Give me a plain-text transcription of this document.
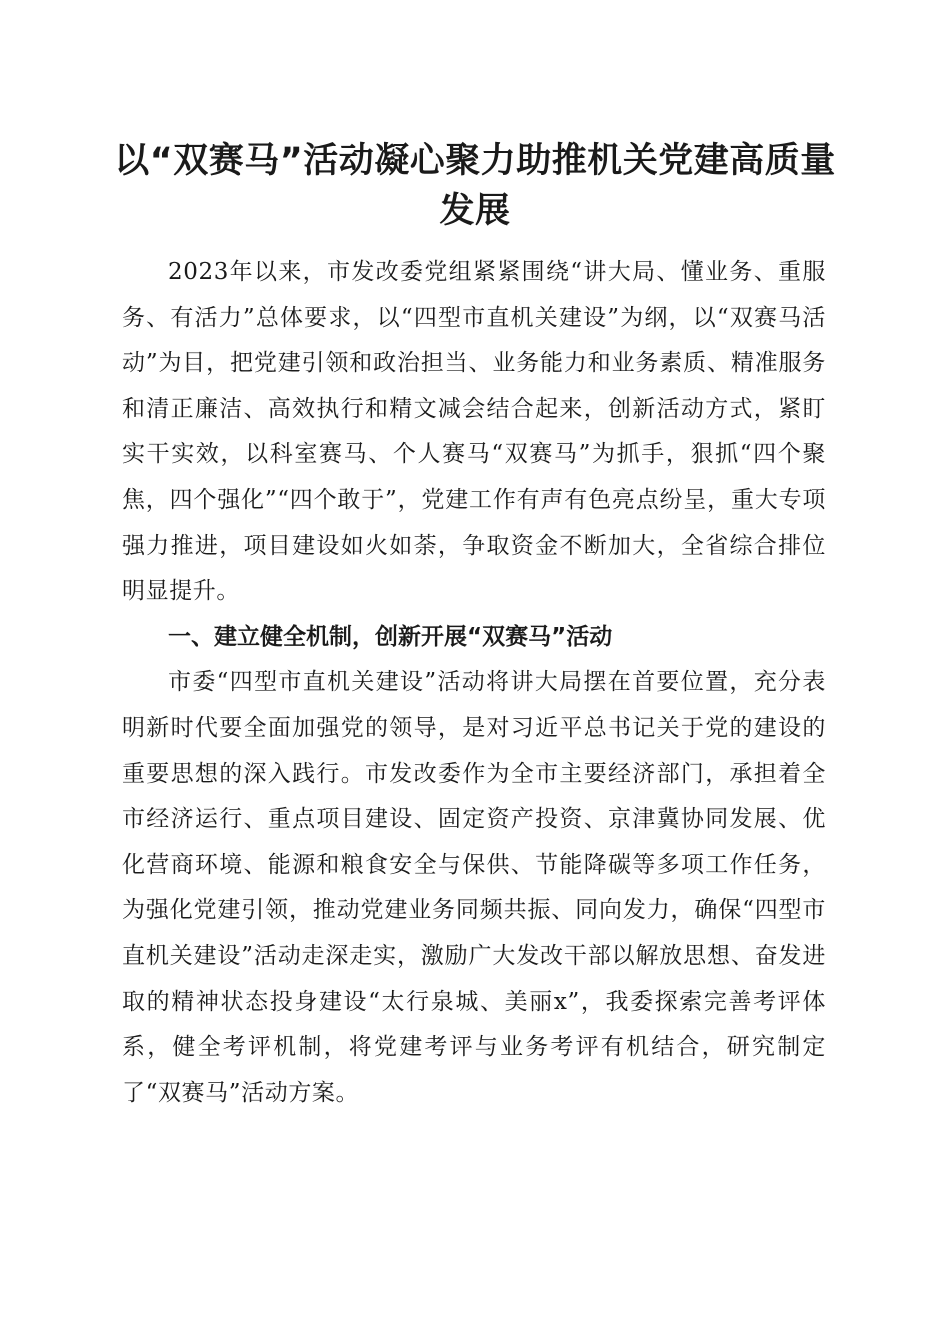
以“双赛马”活动凝心聚力助推机关党建高质量发展

2023年以来，市发改委党组紧紧围绕“讲大局、懂业务、重服务、有活力”总体要求，以“四型市直机关建设”为纲，以“双赛马活动”为目，把党建引领和政治担当、业务能力和业务素质、精准服务和清正廉洁、高效执行和精文减会结合起来，创新活动方式，紧盯实干实效，以科室赛马、个人赛马“双赛马”为抓手，狠抓“四个聚焦，四个强化”“四个敢于”，党建工作有声有色亮点纷呈，重大专项强力推进，项目建设如火如荼，争取资金不断加大，全省综合排位明显提升。

一、建立健全机制，创新开展“双赛马”活动

市委“四型市直机关建设”活动将讲大局摆在首要位置，充分表明新时代要全面加强党的领导，是对习近平总书记关于党的建设的重要思想的深入践行。市发改委作为全市主要经济部门，承担着全市经济运行、重点项目建设、固定资产投资、京津冀协同发展、优化营商环境、能源和粮食安全与保供、节能降碳等多项工作任务，为强化党建引领，推动党建业务同频共振、同向发力，确保“四型市直机关建设”活动走深走实，激励广大发改干部以解放思想、奋发进取的精神状态投身建设“太行泉城、美丽x”，我委探索完善考评体系，健全考评机制，将党建考评与业务考评有机结合，研究制定了“双赛马”活动方案。
